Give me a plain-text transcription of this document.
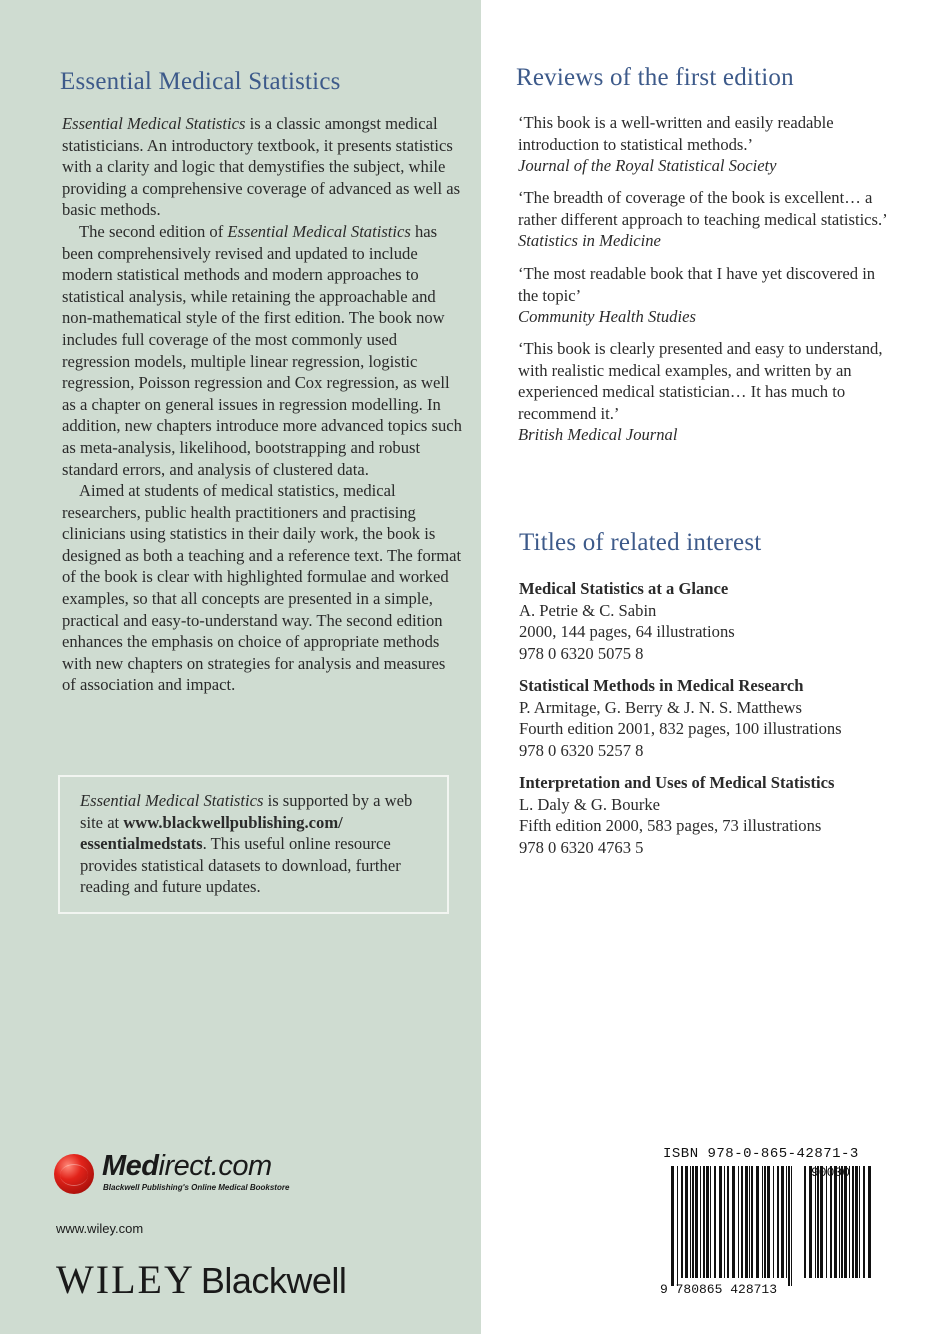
Essential Medical Statistics

Essential Medical Statistics is a classic amongst medical statisticians. An introductory textbook, it presents statistics with a clarity and logic that demystifies the subject, while providing a comprehensive coverage of advanced as well as basic methods.

The second edition of Essential Medical Statistics has been comprehensively revised and updated to include modern statistical methods and modern approaches to statistical analysis, while retaining the approachable and non-mathematical style of the first edition. The book now includes full coverage of the most commonly used regression models, multiple linear regression, logistic regression, Poisson regression and Cox regression, as well as a chapter on general issues in regression modelling. In addition, new chapters introduce more advanced topics such as meta-analysis, likelihood, bootstrapping and robust standard errors, and analysis of clustered data.

Aimed at students of medical statistics, medical researchers, public health practitioners and practising clinicians using statistics in their daily work, the book is designed as both a teaching and a reference text. The format of the book is clear with highlighted formulae and worked examples, so that all concepts are presented in a simple, practical and easy-to-understand way. The second edition enhances the emphasis on choice of appropriate methods with new chapters on strategies for analysis and measures of association and impact.

Essential Medical Statistics is supported by a web site at www.blackwellpublishing.com/ essentialmedstats. This useful online resource provides statistical datasets to download, further reading and future updates.
Medirect.com
Blackwell Publishing's Online Medical Bookstore
www.wiley.com
WILEY Blackwell
Reviews of the first edition

‘This book is a well-written and easily readable introduction to statistical methods.’

Journal of the Royal Statistical Society

‘The breadth of coverage of the book is excellent… a rather different approach to teaching medical statistics.’ Statistics in Medicine

‘The most readable book that I have yet discovered in the topic’

Community Health Studies

‘This book is clearly presented and easy to understand, with realistic medical examples, and written by an experienced medical statistician… It has much to recommend it.’

British Medical Journal

Titles of related interest
Medical Statistics at a Glance
A. Petrie & C. Sabin
2000, 144 pages, 64 illustrations
978 0 6320 5075 8
Statistical Methods in Medical Research
P. Armitage, G. Berry & J. N. S. Matthews
Fourth edition 2001, 832 pages, 100 illustrations
978 0 6320 5257 8
Interpretation and Uses of Medical Statistics
L. Daly & G. Bourke
Fifth edition 2000, 583 pages, 73 illustrations
978 0 6320 4763 5
ISBN 978-0-865-42871-3
9 780865 428713
